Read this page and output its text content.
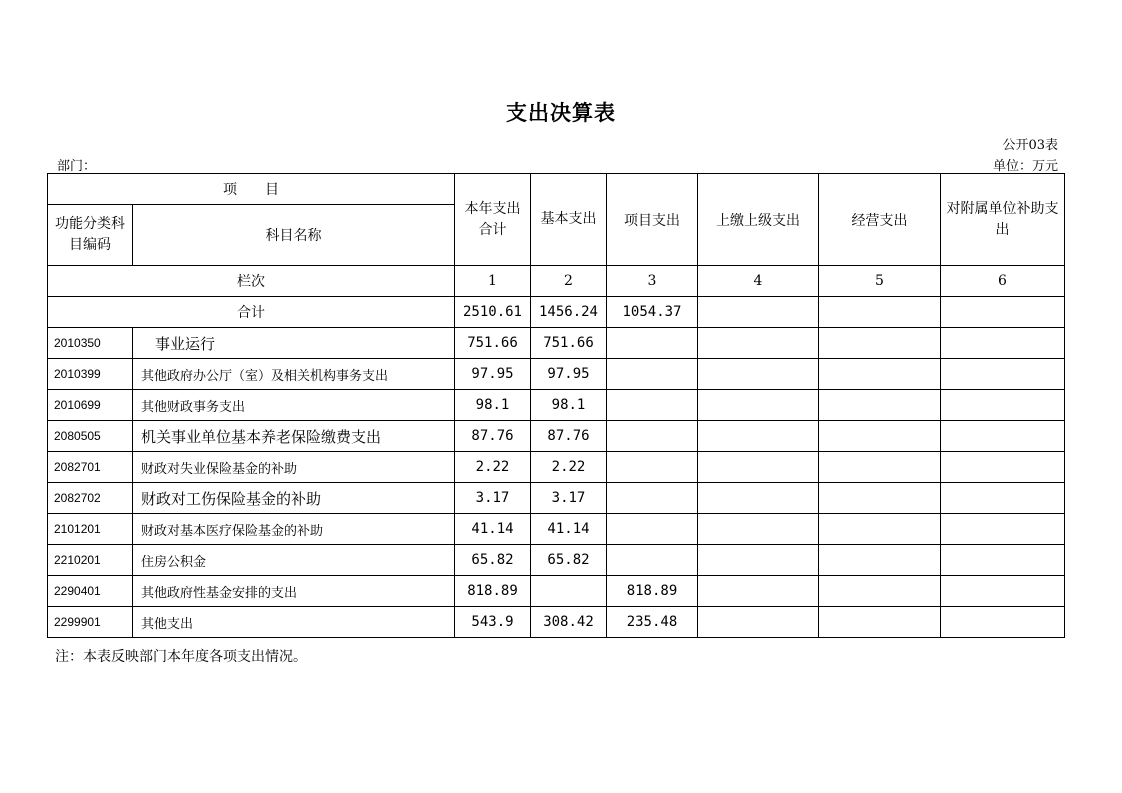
支出决算表
公开03表
部门：	单位：万元
项　　目		本年支出合计	基本支出	项目支出	上缴上级支出	经营支出	对附属单位补助支出
功能分类科目编码	科目名称						
栏次		1	2	3	4	5	6
合计		2510.61	1456.24	1054.37			
2010350	事业运行	751.66	751.66				
2010399	其他政府办公厅（室）及相关机构事务支出	97.95	97.95				
2010699	其他财政事务支出	98.1	98.1				
2080505	机关事业单位基本养老保险缴费支出	87.76	87.76				
2082701	财政对失业保险基金的补助	2.22	2.22				
2082702	财政对工伤保险基金的补助	3.17	3.17				
2101201	财政对基本医疗保险基金的补助	41.14	41.14				
2210201	住房公积金	65.82	65.82				
2290401	其他政府性基金安排的支出	818.89		818.89			
2299901	其他支出	543.9	308.42	235.48			
注：本表反映部门本年度各项支出情况。
